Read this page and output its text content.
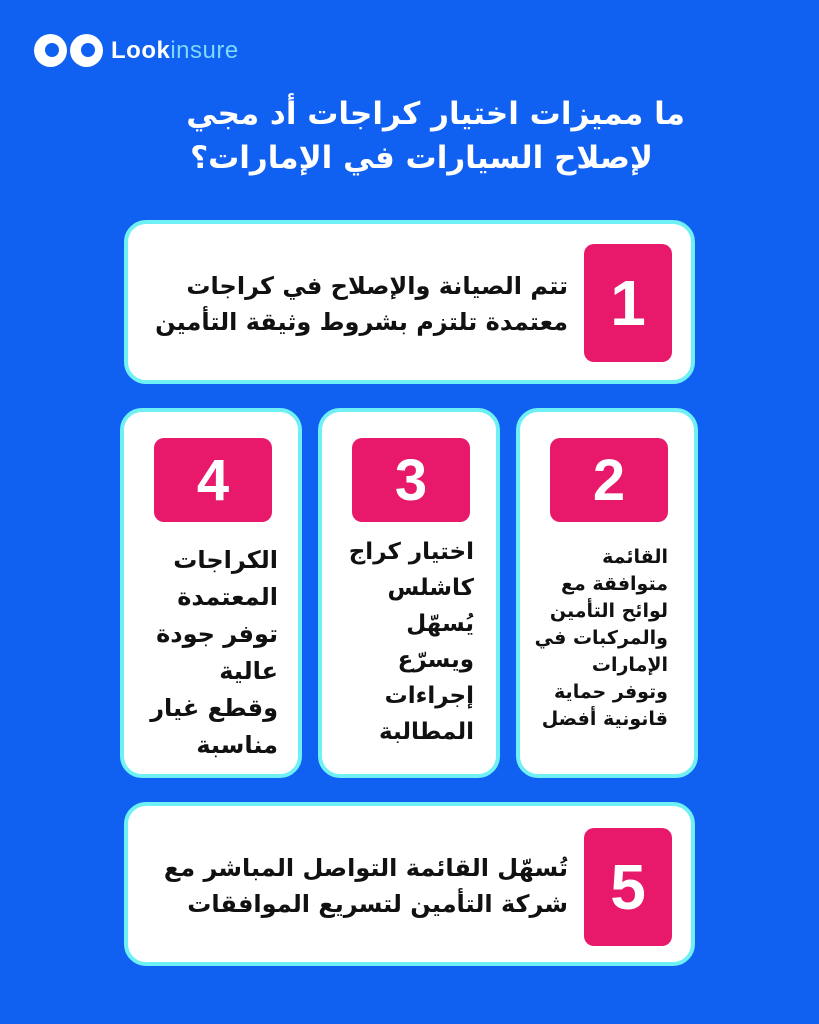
Lookinsure
ما مميزات اختيار كراجات أد مجي
لإصلاح السيارات في الإمارات؟
1
تتم الصيانة والإصلاح في كراجات
معتمدة تلتزم بشروط وثيقة التأمين
2
القائمة
متوافقة مع
لوائح التأمين
والمركبات في
الإمارات
وتوفر حماية
قانونية أفضل
3
اختيار كراج
كاشلس
يُسهّل
ويسرّع
إجراءات
المطالبة
4
الكراجات
المعتمدة
توفر جودة
عالية
وقطع غيار
مناسبة
5
تُسهّل القائمة التواصل المباشر مع
شركة التأمين لتسريع الموافقات
